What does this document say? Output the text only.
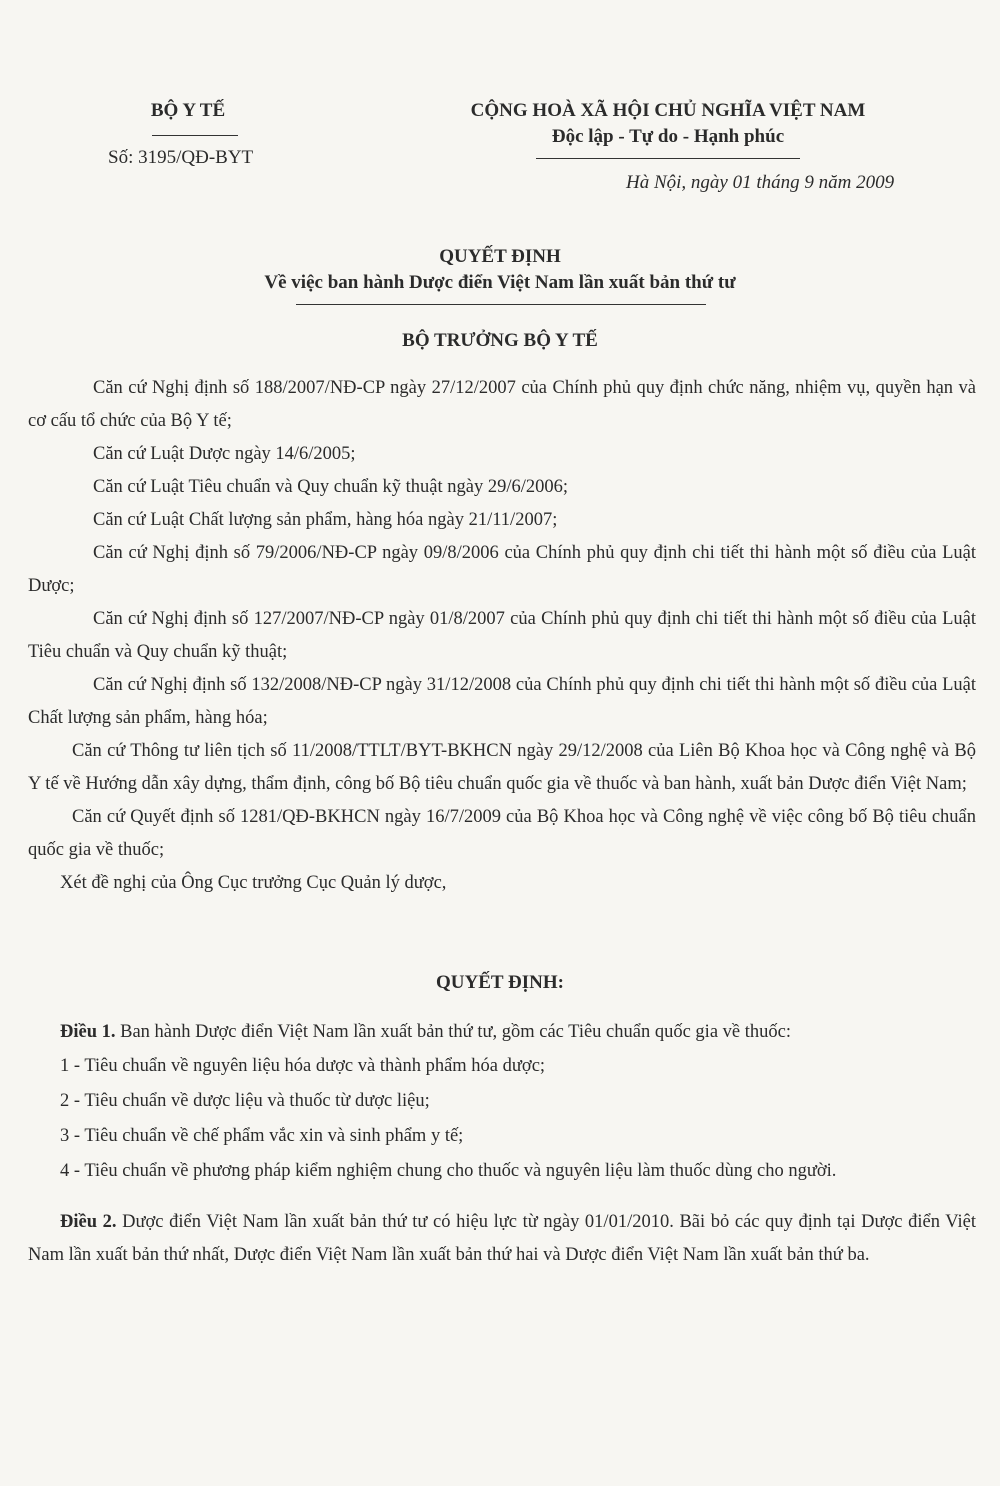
BỘ Y TẾ
Số: 3195/QĐ-BYT
CỘNG HOÀ XÃ HỘI CHỦ NGHĨA VIỆT NAM
Độc lập - Tự do - Hạnh phúc
Hà Nội, ngày 01 tháng 9 năm 2009
QUYẾT ĐỊNH
Về việc ban hành Dược điển Việt Nam lần xuất bản thứ tư
BỘ TRƯỞNG BỘ Y TẾ

Căn cứ Nghị định số 188/2007/NĐ-CP ngày 27/12/2007 của Chính phủ quy định chức năng, nhiệm vụ, quyền hạn và cơ cấu tổ chức của Bộ Y tế;

Căn cứ Luật Dược ngày 14/6/2005;

Căn cứ Luật Tiêu chuẩn và Quy chuẩn kỹ thuật ngày 29/6/2006;

Căn cứ Luật Chất lượng sản phẩm, hàng hóa ngày 21/11/2007;

Căn cứ Nghị định số 79/2006/NĐ-CP ngày 09/8/2006 của Chính phủ quy định chi tiết thi hành một số điều của Luật Dược;

Căn cứ Nghị định số 127/2007/NĐ-CP ngày 01/8/2007 của Chính phủ quy định chi tiết thi hành một số điều của Luật Tiêu chuẩn và Quy chuẩn kỹ thuật;

Căn cứ Nghị định số 132/2008/NĐ-CP ngày 31/12/2008 của Chính phủ quy định chi tiết thi hành một số điều của Luật Chất lượng sản phẩm, hàng hóa;

Căn cứ Thông tư liên tịch số 11/2008/TTLT/BYT-BKHCN ngày 29/12/2008 của Liên Bộ Khoa học và Công nghệ và Bộ Y tế về Hướng dẫn xây dựng, thẩm định, công bố Bộ tiêu chuẩn quốc gia về thuốc và ban hành, xuất bản Dược điển Việt Nam;

Căn cứ Quyết định số 1281/QĐ-BKHCN ngày 16/7/2009 của Bộ Khoa học và Công nghệ về việc công bố Bộ tiêu chuẩn quốc gia về thuốc;

Xét đề nghị của Ông Cục trưởng Cục Quản lý dược,

QUYẾT ĐỊNH:

Điều 1. Ban hành Dược điển Việt Nam lần xuất bản thứ tư, gồm các Tiêu chuẩn quốc gia về thuốc:

1 - Tiêu chuẩn về nguyên liệu hóa dược và thành phẩm hóa dược;

2 - Tiêu chuẩn về dược liệu và thuốc từ dược liệu;

3 - Tiêu chuẩn về chế phẩm vắc xin và sinh phẩm y tế;

4 - Tiêu chuẩn về phương pháp kiểm nghiệm chung cho thuốc và nguyên liệu làm thuốc dùng cho người.

Điều 2. Dược điển Việt Nam lần xuất bản thứ tư có hiệu lực từ ngày 01/01/2010. Bãi bỏ các quy định tại Dược điển Việt Nam lần xuất bản thứ nhất, Dược điển Việt Nam lần xuất bản thứ hai và Dược điển Việt Nam lần xuất bản thứ ba.
